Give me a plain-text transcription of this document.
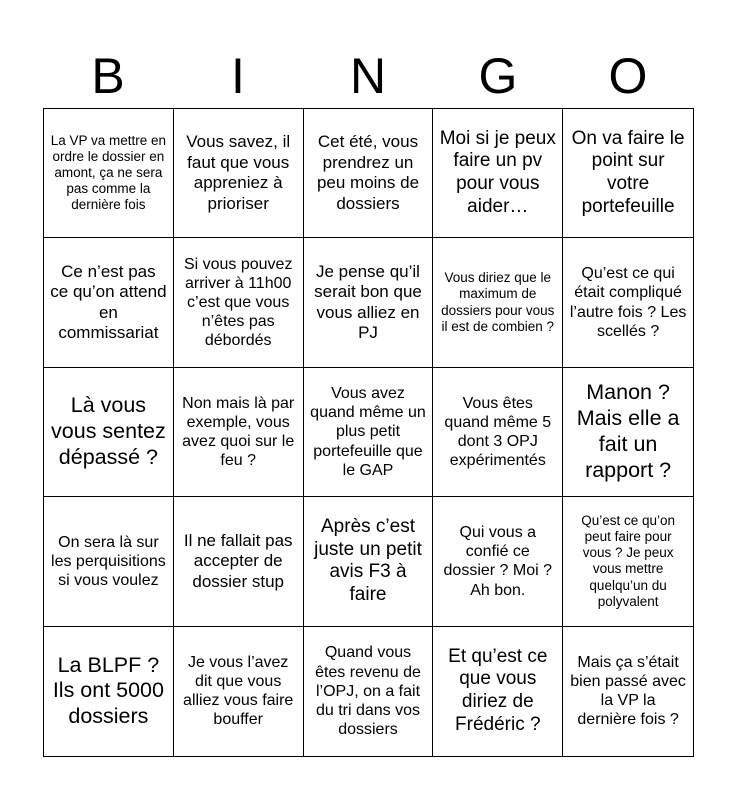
B	I	N	G	O
La VP va mettre en ordre le dossier en amont, ça ne sera pas comme la dernière fois
Vous savez, il faut que vous appreniez à prioriser
Cet été, vous prendrez un peu moins de dossiers
Moi si je peux faire un pv pour vous aider…
On va faire le point sur votre portefeuille
Ce n’est pas ce qu’on attend en commissariat
Si vous pouvez arriver à 11h00 c’est que vous n’êtes pas débordés
Je pense qu’il serait bon que vous alliez en PJ
Vous diriez que le maximum de dossiers pour vous il est de combien ?
Qu’est ce qui était compliqué l’autre fois ? Les scellés ?
Là vous vous sentez dépassé ?
Non mais là par exemple, vous avez quoi sur le feu ?
Vous avez quand même un plus petit portefeuille que le GAP
Vous êtes quand même 5 dont 3 OPJ expérimentés
Manon ? Mais elle a fait un rapport ?
On sera là sur les perquisitions si vous voulez
Il ne fallait pas accepter de dossier stup
Après c’est juste un petit avis F3 à faire
Qui vous a confié ce dossier ? Moi ? Ah bon.
Qu’est ce qu’on peut faire pour vous ? Je peux vous mettre quelqu’un du polyvalent
La BLPF ? Ils ont 5000 dossiers
Je vous l’avez dit que vous alliez vous faire bouffer
Quand vous êtes revenu de l’OPJ, on a fait du tri dans vos dossiers
Et qu’est ce que vous diriez de Frédéric ?
Mais ça s’était bien passé avec la VP la dernière fois ?
